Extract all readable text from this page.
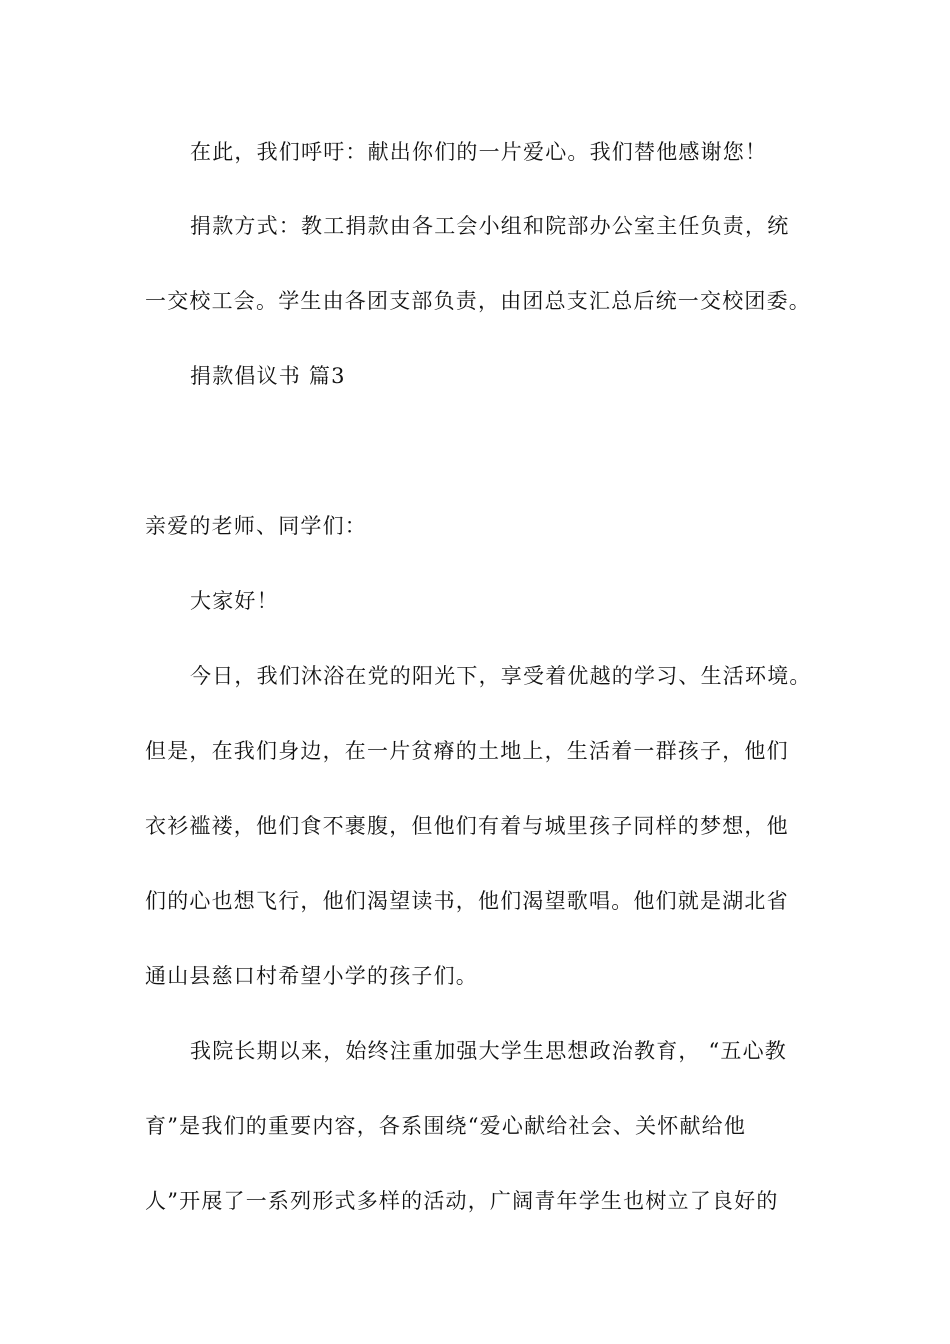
在此，我们呼吁：献出你们的一片爱心。我们替他感谢您！
捐款方式：教工捐款由各工会小组和院部办公室主任负责，统
一交校工会。学生由各团支部负责，由团总支汇总后统一交校团委。
捐款倡议书 篇3
亲爱的老师、同学们：
大家好！
今日，我们沐浴在党的阳光下，享受着优越的学习、生活环境。
但是，在我们身边，在一片贫瘠的土地上，生活着一群孩子，他们
衣衫褴褛，他们食不裹腹，但他们有着与城里孩子同样的梦想，他
们的心也想飞行，他们渴望读书，他们渴望歌唱。他们就是湖北省
通山县慈口村希望小学的孩子们。
我院长期以来，始终注重加强大学生思想政治教育， “五心教
育”是我们的重要内容，各系围绕“爱心献给社会、关怀献给他
人”开展了一系列形式多样的活动，广阔青年学生也树立了良好的
